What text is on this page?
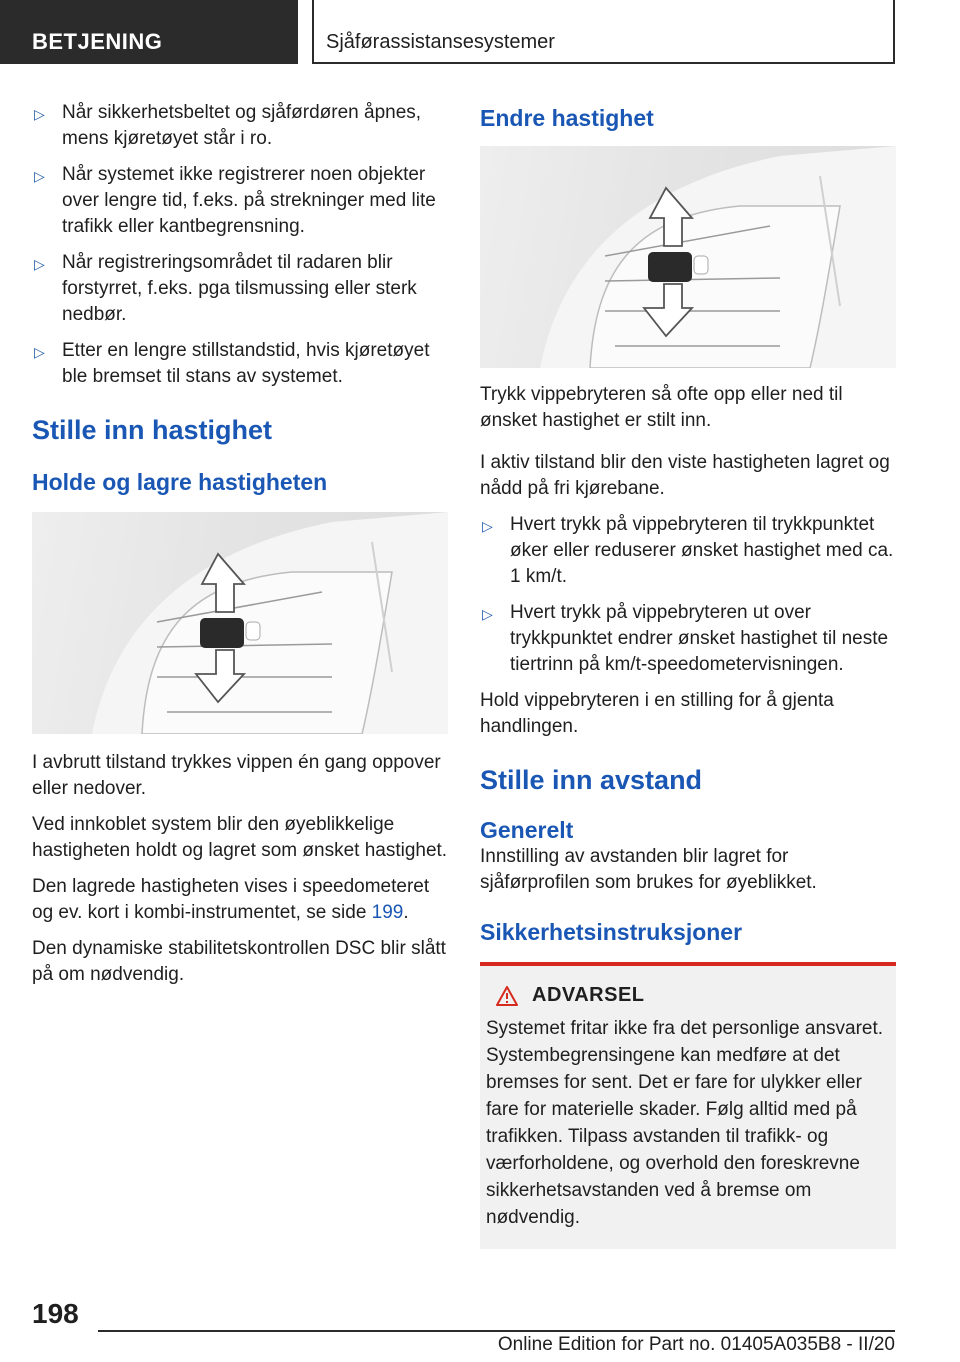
BETJENING	Sjåførassistansesystemer
▷ Når sikkerhetsbeltet og sjåførdøren åpnes, mens kjøretøyet står i ro.
▷ Når systemet ikke registrerer noen objekter over lengre tid, f.eks. på strekninger med lite trafikk eller kantbegrensning.
▷ Når registreringsområdet til radaren blir forstyrret, f.eks. pga tilsmussing eller sterk nedbør.
▷ Etter en lengre stillstandstid, hvis kjøretøyet ble bremset til stans av systemet.
Stille inn hastighet
Holde og lagre hastigheten

I avbrutt tilstand trykkes vippen én gang oppover eller nedover.

Ved innkoblet system blir den øyeblikkelige hastigheten holdt og lagret som ønsket hastighet.

Den lagrede hastigheten vises i speedometeret og ev. kort i kombi-instrumentet, se side 199.

Den dynamiske stabilitetskontrollen DSC blir slått på om nødvendig.

Endre hastighet

Trykk vippebryteren så ofte opp eller ned til ønsket hastighet er stilt inn.

I aktiv tilstand blir den viste hastigheten lagret og nådd på fri kjørebane.

▷ Hvert trykk på vippebryteren til trykkpunktet øker eller reduserer ønsket hastighet med ca. 1 km/t.
▷ Hvert trykk på vippebryteren ut over trykkpunktet endrer ønsket hastighet til neste tiertrinn på km/t-speedometervisningen.

Hold vippebryteren i en stilling for å gjenta handlingen.

Stille inn avstand
Generelt

Innstilling av avstanden blir lagret for sjåførprofilen som brukes for øyeblikket.

Sikkerhetsinstruksjoner
ADVARSEL

Systemet fritar ikke fra det personlige ansvaret. Systembegrensingene kan medføre at det bremses for sent. Det er fare for ulykker eller fare for materielle skader. Følg alltid med på trafikken. Tilpass avstanden til trafikk- og værforholdene, og overhold den foreskrevne sikkerhetsavstanden ved å bremse om nødvendig.

198
Online Edition for Part no. 01405A035B8 - II/20
